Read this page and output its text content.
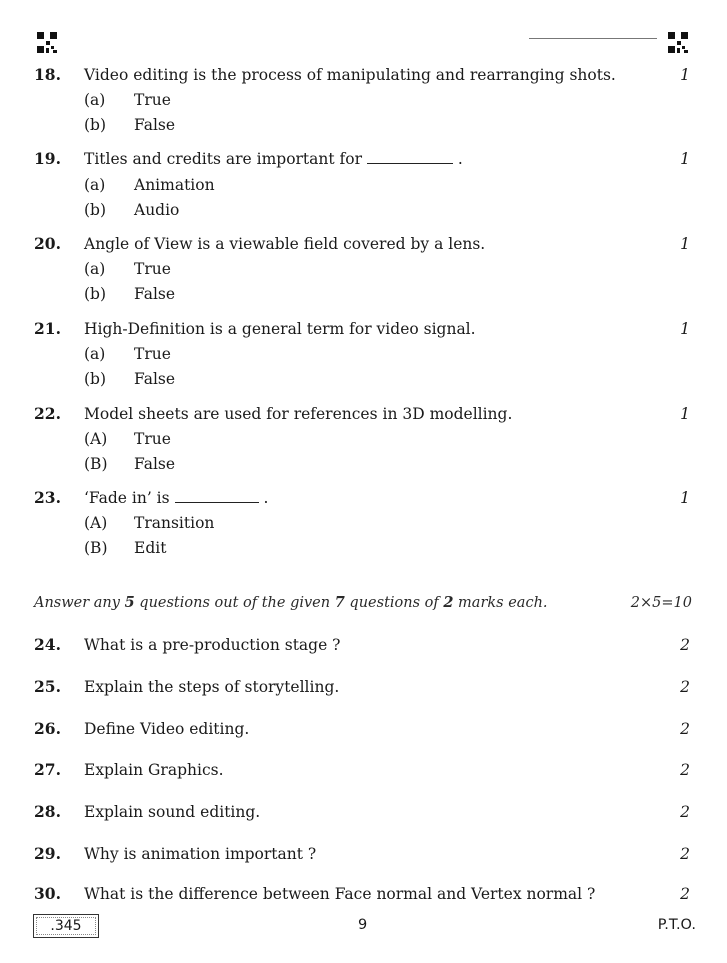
18. Video editing is the process of manipulating and rearranging shots.	1
(a) True
(b) False
19. Titles and credits are important for	.	1
(a) Animation
(b) Audio
20. Angle of View is a viewable field covered by a lens.	1
(a) True
(b) False
21. High-Definition is a general term for video signal.	1
(a) True
(b) False
22. Model sheets are used for references in 3D modelling.	1
(A) True
(B) False
23. ‘Fade in’ is	.	1
(A) Transition
(B) Edit
Answer any 5 questions out of the given 7 questions of 2 marks each.	2×5=10
24. What is a pre-production stage ?	2
25. Explain the steps of storytelling.	2
26. Define Video editing.	2
27. Explain Graphics.	2
28. Explain sound editing.	2
29. Why is animation important ?	2
30. What is the difference between Face normal and Vertex normal ?	2
.345	9	P.T.O.
